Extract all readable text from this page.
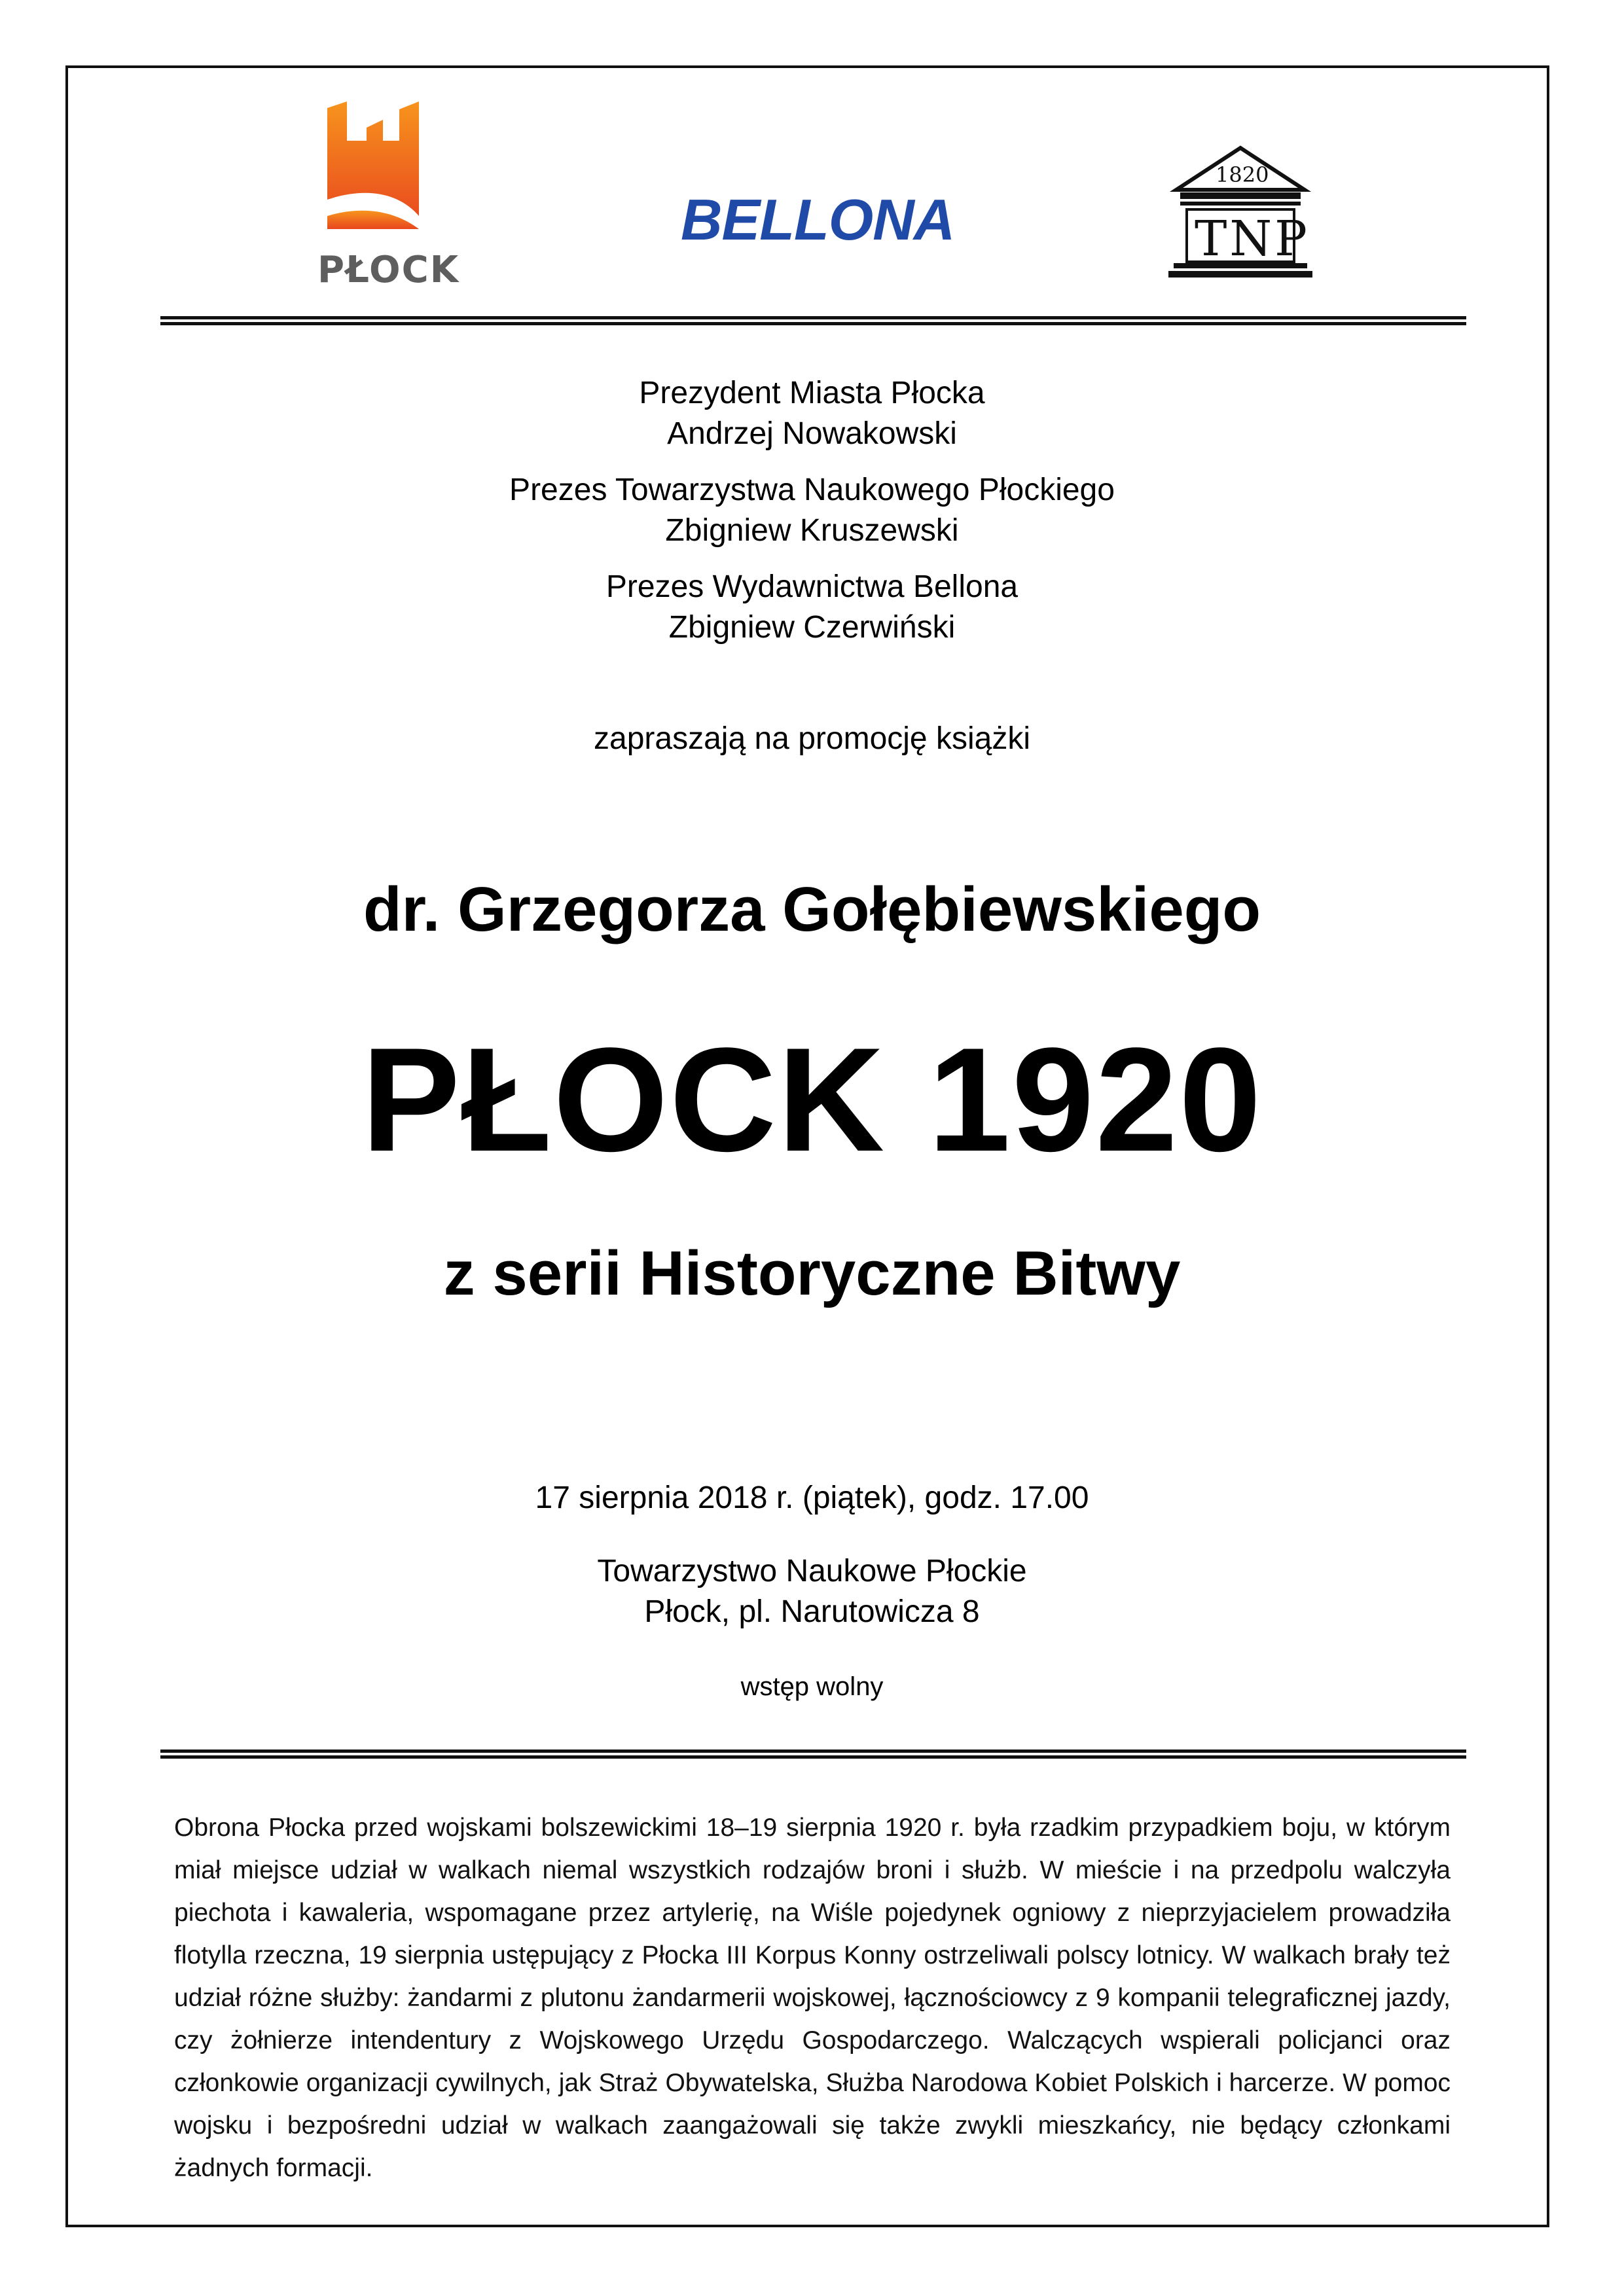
PŁOCK
BELLONA
1820
TNP
Prezydent Miasta Płocka
Andrzej Nowakowski
Prezes Towarzystwa Naukowego Płockiego
Zbigniew Kruszewski
Prezes Wydawnictwa Bellona
Zbigniew Czerwiński
zapraszają na promocję książki
dr. Grzegorza Gołębiewskiego
PŁOCK 1920
z serii Historyczne Bitwy
17 sierpnia 2018 r. (piątek), godz. 17.00
Towarzystwo Naukowe Płockie
Płock, pl. Narutowicza 8
wstęp wolny
Obrona Płocka przed wojskami bolszewickimi 18–19 sierpnia 1920 r. była rzadkim przypadkiem boju, w którym miał miejsce udział w walkach niemal wszystkich rodzajów broni i służb. W mieście i na przedpolu walczyła piechota i kawaleria, wspomagane przez artylerię, na Wiśle pojedynek ogniowy z nieprzyjacielem prowadziła flotylla rzeczna, 19 sierpnia ustępujący z Płocka III Korpus Konny ostrzeliwali polscy lotnicy. W walkach brały też udział różne służby: żandarmi z plutonu żandarmerii wojskowej, łącznościowcy z 9 kompanii telegraficznej jazdy, czy żołnierze intendentury z Wojskowego Urzędu Gospodarczego. Walczących wspierali policjanci oraz członkowie organizacji cywilnych, jak Straż Obywatelska, Służba Narodowa Kobiet Polskich i harcerze. W pomoc wojsku i bezpośredni udział w walkach zaangażowali się także zwykli mieszkańcy, nie będący członkami żadnych formacji.
